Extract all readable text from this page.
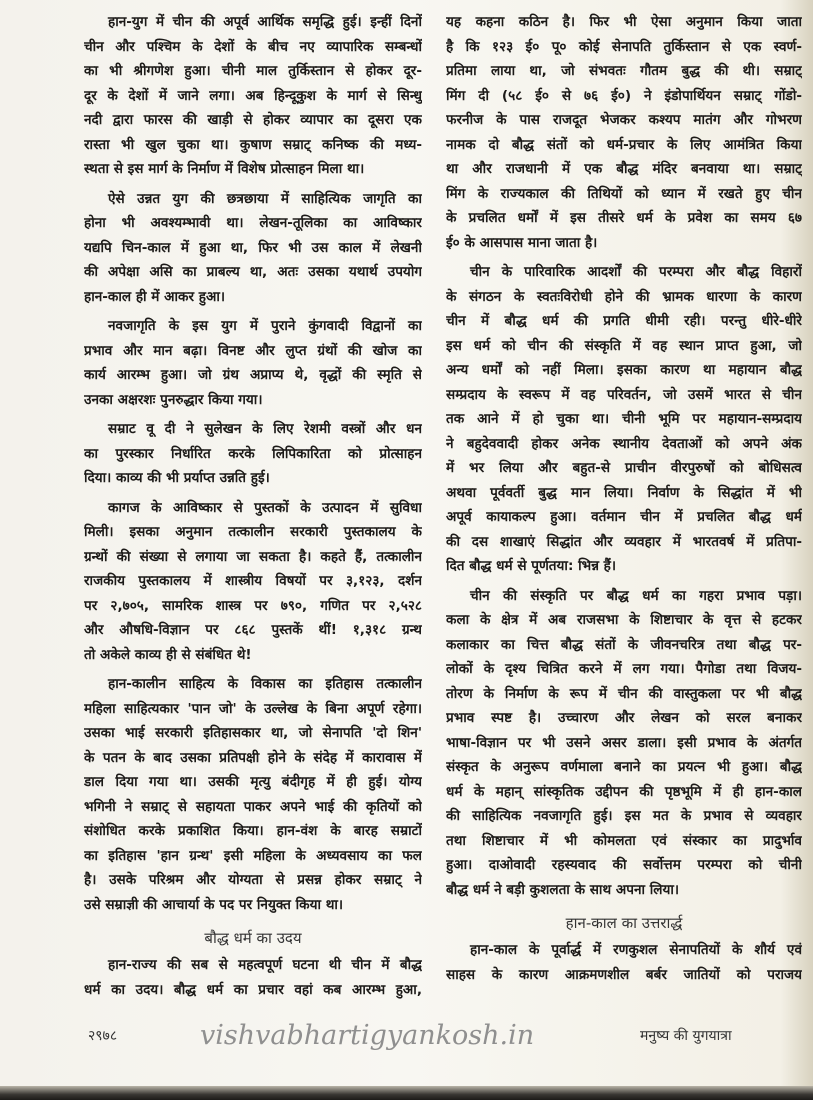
हान-युग में चीन की अपूर्व आर्थिक समृद्धि हुई। इन्हीं दिनों
चीन और पश्चिम के देशों के बीच नए व्यापारिक सम्बन्धों
का भी श्रीगणेश हुआ। चीनी माल तुर्किस्तान से होकर दूर-
दूर के देशों में जाने लगा। अब हिन्दूकुश के मार्ग से सिन्धु
नदी द्वारा फारस की खाड़ी से होकर व्यापार का दूसरा एक
रास्ता भी खुल चुका था। कुषाण सम्राट् कनिष्क की मध्य-
स्थता से इस मार्ग के निर्माण में विशेष प्रोत्साहन मिला था।
ऐसे उन्नत युग की छत्रछाया में साहित्यिक जागृति का
होना भी अवश्यम्भावी था। लेखन-तूलिका का आविष्कार
यद्यपि चिन-काल में हुआ था, फिर भी उस काल में लेखनी
की अपेक्षा असि का प्राबल्य था, अतः उसका यथार्थ उपयोग
हान-काल ही में आकर हुआ।
नवजागृति के इस युग में पुराने कुंगवादी विद्वानों का
प्रभाव और मान बढ़ा। विनष्ट और लुप्त ग्रंथों की खोज का
कार्य आरम्भ हुआ। जो ग्रंथ अप्राप्य थे, वृद्धों की स्मृति से
उनका अक्षरशः पुनरुद्धार किया गया।
सम्राट वू दी ने सुलेखन के लिए रेशमी वस्त्रों और धन
का पुरस्कार निर्धारित करके लिपिकारिता को प्रोत्साहन
दिया। काव्य की भी प्रर्याप्त उन्नति हुई।
कागज के आविष्कार से पुस्तकों के उत्पादन में सुविधा
मिली। इसका अनुमान तत्कालीन सरकारी पुस्तकालय के
ग्रन्थों की संख्या से लगाया जा सकता है। कहते हैं, तत्कालीन
राजकीय पुस्तकालय में शास्त्रीय विषयों पर ३,१२३, दर्शन
पर २,७०५, सामरिक शास्त्र पर ७९०, गणित पर २,५२८
और औषधि-विज्ञान पर ८६८ पुस्तकें थीं! १,३१८ ग्रन्थ
तो अकेले काव्य ही से संबंधित थे!
हान-कालीन साहित्य के विकास का इतिहास तत्कालीन
महिला साहित्यकार 'पान जो' के उल्लेख के बिना अपूर्ण रहेगा।
उसका भाई सरकारी इतिहासकार था, जो सेनापति 'दो शिन'
के पतन के बाद उसका प्रतिपक्षी होने के संदेह में कारावास में
डाल दिया गया था। उसकी मृत्यु बंदीगृह में ही हुई। योग्य
भगिनी ने सम्राट् से सहायता पाकर अपने भाई की कृतियों को
संशोधित करके प्रकाशित किया। हान-वंश के बारह सम्राटों
का इतिहास 'हान ग्रन्थ' इसी महिला के अध्यवसाय का फल
है। उसके परिश्रम और योग्यता से प्रसन्न होकर सम्राट् ने
उसे सम्राज्ञी की आचार्या के पद पर नियुक्त किया था।
बौद्ध धर्म का उदय
हान-राज्य की सब से महत्वपूर्ण घटना थी चीन में बौद्ध
धर्म का उदय। बौद्ध धर्म का प्रचार वहां कब आरम्भ हुआ,
यह कहना कठिन है। फिर भी ऐसा अनुमान किया जाता
है कि १२३ ई० पू० कोई सेनापति तुर्किस्तान से एक स्वर्ण-
प्रतिमा लाया था, जो संभवतः गौतम बुद्ध की थी। सम्राट्
मिंग दी (५८ ई० से ७६ ई०) ने इंडोपार्थियन सम्राट् गोंडो-
फरनीज के पास राजदूत भेजकर कश्यप मातंग और गोभरण
नामक दो बौद्ध संतों को धर्म-प्रचार के लिए आमंत्रित किया
था और राजधानी में एक बौद्ध मंदिर बनवाया था। सम्राट्
मिंग के राज्यकाल की तिथियों को ध्यान में रखते हुए चीन
के प्रचलित धर्मों में इस तीसरे धर्म के प्रवेश का समय ६७
ई० के आसपास माना जाता है।
चीन के पारिवारिक आदर्शों की परम्परा और बौद्ध विहारों
के संगठन के स्वतःविरोधी होने की भ्रामक धारणा के कारण
चीन में बौद्ध धर्म की प्रगति धीमी रही। परन्तु धीरे-धीरे
इस धर्म को चीन की संस्कृति में वह स्थान प्राप्त हुआ, जो
अन्य धर्मों को नहीं मिला। इसका कारण था महायान बौद्ध
सम्प्रदाय के स्वरूप में वह परिवर्तन, जो उसमें भारत से चीन
तक आने में हो चुका था। चीनी भूमि पर महायान-सम्प्रदाय
ने बहुदेववादी होकर अनेक स्थानीय देवताओं को अपने अंक
में भर लिया और बहुत-से प्राचीन वीरपुरुषों को बोधिसत्व
अथवा पूर्ववर्ती बुद्ध मान लिया। निर्वाण के सिद्धांत में भी
अपूर्व कायाकल्प हुआ। वर्तमान चीन में प्रचलित बौद्ध धर्म
की दस शाखाएं सिद्धांत और व्यवहार में भारतवर्ष में प्रतिपा-
दित बौद्ध धर्म से पूर्णतया: भिन्न हैं।
चीन की संस्कृति पर बौद्ध धर्म का गहरा प्रभाव पड़ा।
कला के क्षेत्र में अब राजसभा के शिष्टाचार के वृत्त से हटकर
कलाकार का चित्त बौद्ध संतों के जीवनचरित्र तथा बौद्ध पर-
लोकों के दृश्य चित्रित करने में लग गया। पैगोडा तथा विजय-
तोरण के निर्माण के रूप में चीन की वास्तुकला पर भी बौद्ध
प्रभाव स्पष्ट है। उच्चारण और लेखन को सरल बनाकर
भाषा-विज्ञान पर भी उसने असर डाला। इसी प्रभाव के अंतर्गत
संस्कृत के अनुरूप वर्णमाला बनाने का प्रयत्न भी हुआ। बौद्ध
धर्म के महान् सांस्कृतिक उद्दीपन की पृष्ठभूमि में ही हान-काल
की साहित्यिक नवजागृति हुई। इस मत के प्रभाव से व्यवहार
तथा शिष्टाचार में भी कोमलता एवं संस्कार का प्रादुर्भाव
हुआ। दाओवादी रहस्यवाद की सर्वोत्तम परम्परा को चीनी
बौद्ध धर्म ने बड़ी कुशलता के साथ अपना लिया।
हान-काल का उत्तरार्द्ध
हान-काल के पूर्वार्द्ध में रणकुशल सेनापतियों के शौर्य एवं
साहस के कारण आक्रमणशील बर्बर जातियों को पराजय
२९७८	vishvabhartigyankosh.in	मनुष्य की युगयात्रा
